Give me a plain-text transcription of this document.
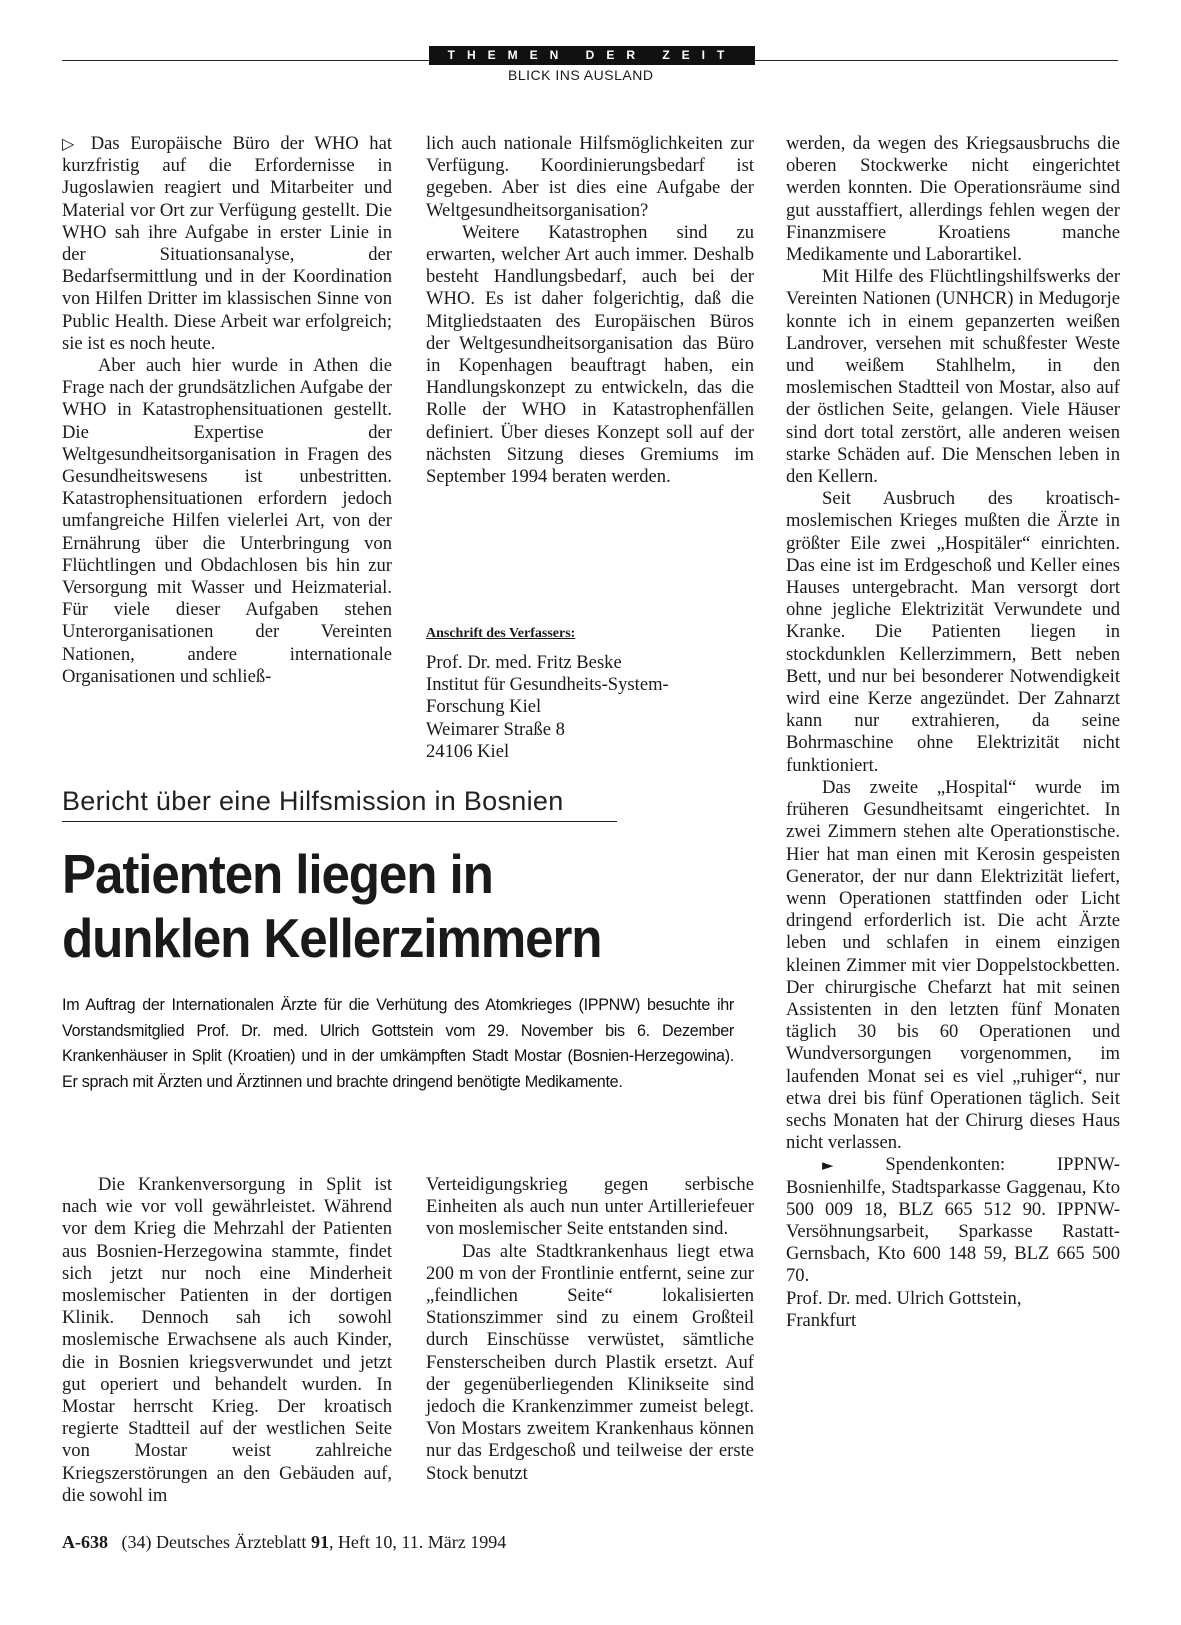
THEMEN DER ZEIT
BLICK INS AUSLAND

▷ Das Europäische Büro der WHO hat kurzfristig auf die Erfordernisse in Jugoslawien reagiert und Mitarbeiter und Material vor Ort zur Verfügung gestellt. Die WHO sah ihre Aufgabe in erster Linie in der Situationsanalyse, der Bedarfsermittlung und in der Koordination von Hilfen Dritter im klassischen Sinne von Public Health. Diese Arbeit war erfolgreich; sie ist es noch heute.

Aber auch hier wurde in Athen die Frage nach der grundsätzlichen Aufgabe der WHO in Katastrophensituationen gestellt. Die Expertise der Weltgesundheitsorganisation in Fragen des Gesundheitswesens ist unbestritten. Katastrophensituationen erfordern jedoch umfangreiche Hilfen vielerlei Art, von der Ernährung über die Unterbringung von Flüchtlingen und Obdachlosen bis hin zur Versorgung mit Wasser und Heizmaterial. Für viele dieser Aufgaben stehen Unterorganisationen der Vereinten Nationen, andere internationale Organisationen und schließ-

lich auch nationale Hilfsmöglichkeiten zur Verfügung. Koordinierungsbedarf ist gegeben. Aber ist dies eine Aufgabe der Weltgesundheitsorganisation?

Weitere Katastrophen sind zu erwarten, welcher Art auch immer. Deshalb besteht Handlungsbedarf, auch bei der WHO. Es ist daher folgerichtig, daß die Mitgliedstaaten des Europäischen Büros der Weltgesundheitsorganisation das Büro in Kopenhagen beauftragt haben, ein Handlungskonzept zu entwickeln, das die Rolle der WHO in Katastrophenfällen definiert. Über dieses Konzept soll auf der nächsten Sitzung dieses Gremiums im September 1994 beraten werden.

Anschrift des Verfassers:
Prof. Dr. med. Fritz Beske
Institut für Gesundheits-System-
Forschung Kiel
Weimarer Straße 8
24106 Kiel
Bericht über eine Hilfsmission in Bosnien
Patienten liegen in
dunklen Kellerzimmern
Im Auftrag der Internationalen Ärzte für die Verhütung des Atomkrieges (IPPNW) besuchte ihr Vorstandsmitglied Prof. Dr. med. Ulrich Gottstein vom 29. November bis 6. Dezember Krankenhäuser in Split (Kroatien) und in der umkämpften Stadt Mostar (Bosnien-Herzegowina). Er sprach mit Ärzten und Ärztinnen und brachte dringend benötigte Medikamente.

Die Krankenversorgung in Split ist nach wie vor voll gewährleistet. Während vor dem Krieg die Mehrzahl der Patienten aus Bosnien-Herzegowina stammte, findet sich jetzt nur noch eine Minderheit moslemischer Patienten in der dortigen Klinik. Dennoch sah ich sowohl moslemische Erwachsene als auch Kinder, die in Bosnien kriegsverwundet und jetzt gut operiert und behandelt wurden. In Mostar herrscht Krieg. Der kroatisch regierte Stadtteil auf der westlichen Seite von Mostar weist zahlreiche Kriegszerstörungen an den Gebäuden auf, die sowohl im

Verteidigungskrieg gegen serbische Einheiten als auch nun unter Artilleriefeuer von moslemischer Seite entstanden sind.

Das alte Stadtkrankenhaus liegt etwa 200 m von der Frontlinie entfernt, seine zur „feindlichen Seite“ lokalisierten Stationszimmer sind zu einem Großteil durch Einschüsse verwüstet, sämtliche Fensterscheiben durch Plastik ersetzt. Auf der gegenüberliegenden Klinikseite sind jedoch die Krankenzimmer zumeist belegt. Von Mostars zweitem Krankenhaus können nur das Erdgeschoß und teilweise der erste Stock benutzt

werden, da wegen des Kriegsausbruchs die oberen Stockwerke nicht eingerichtet werden konnten. Die Operationsräume sind gut ausstaffiert, allerdings fehlen wegen der Finanzmisere Kroatiens manche Medikamente und Laborartikel.

Mit Hilfe des Flüchtlingshilfswerks der Vereinten Nationen (UNHCR) in Medugorje konnte ich in einem gepanzerten weißen Landrover, versehen mit schußfester Weste und weißem Stahlhelm, in den moslemischen Stadtteil von Mostar, also auf der östlichen Seite, gelangen. Viele Häuser sind dort total zerstört, alle anderen weisen starke Schäden auf. Die Menschen leben in den Kellern.

Seit Ausbruch des kroatisch-moslemischen Krieges mußten die Ärzte in größter Eile zwei „Hospitäler“ einrichten. Das eine ist im Erdgeschoß und Keller eines Hauses untergebracht. Man versorgt dort ohne jegliche Elektrizität Verwundete und Kranke. Die Patienten liegen in stockdunklen Kellerzimmern, Bett neben Bett, und nur bei besonderer Notwendigkeit wird eine Kerze angezündet. Der Zahnarzt kann nur extrahieren, da seine Bohrmaschine ohne Elektrizität nicht funktioniert.

Das zweite „Hospital“ wurde im früheren Gesundheitsamt eingerichtet. In zwei Zimmern stehen alte Operationstische. Hier hat man einen mit Kerosin gespeisten Generator, der nur dann Elektrizität liefert, wenn Operationen stattfinden oder Licht dringend erforderlich ist. Die acht Ärzte leben und schlafen in einem einzigen kleinen Zimmer mit vier Doppelstockbetten. Der chirurgische Chefarzt hat mit seinen Assistenten in den letzten fünf Monaten täglich 30 bis 60 Operationen und Wundversorgungen vorgenommen, im laufenden Monat sei es viel „ruhiger“, nur etwa drei bis fünf Operationen täglich. Seit sechs Monaten hat der Chirurg dieses Haus nicht verlassen.

►	Spendenkonten: IPPNW-Bosnienhilfe, Stadtsparkasse Gaggenau, Kto 500 009 18, BLZ 665 512 90. IPPNW-Versöhnungsarbeit, Sparkasse Rastatt-Gernsbach, Kto 600 148 59, BLZ 665 500 70.

Prof. Dr. med. Ulrich Gottstein,
Frankfurt

A-638 (34) Deutsches Ärzteblatt 91, Heft 10, 11. März 1994
